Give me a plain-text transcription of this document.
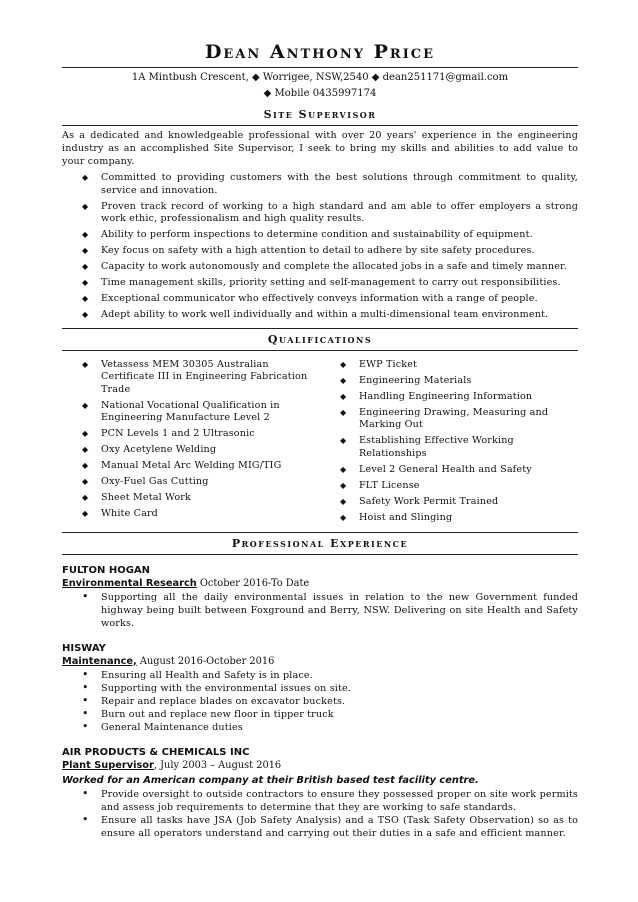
Dean Anthony Price
1A Mintbush Crescent, ◆ Worrigee, NSW,2540 ◆ dean251171@gmail.com
◆ Mobile 0435997174
Site Supervisor

As a dedicated and knowledgeable professional with over 20 years' experience in the engineering industry as an accomplished Site Supervisor, I seek to bring my skills and abilities to add value to your company.

◆ Committed to providing customers with the best solutions through commitment to quality, service and innovation.
◆ Proven track record of working to a high standard and am able to offer employers a strong work ethic, professionalism and high quality results.
◆ Ability to perform inspections to determine condition and sustainability of equipment.
◆ Key focus on safety with a high attention to detail to adhere by site safety procedures.
◆ Capacity to work autonomously and complete the allocated jobs in a safe and timely manner.
◆ Time management skills, priority setting and self-management to carry out responsibilities.
◆ Exceptional communicator who effectively conveys information with a range of people.
◆ Adept ability to work well individually and within a multi-dimensional team environment.
Qualifications
◆ Vetassess MEM 30305 Australian Certificate III in Engineering Fabrication Trade
◆ National Vocational Qualification in Engineering Manufacture Level 2
◆ PCN Levels 1 and 2 Ultrasonic
◆ Oxy Acetylene Welding
◆ Manual Metal Arc Welding MIG/TIG
◆ Oxy-Fuel Gas Cutting
◆ Sheet Metal Work
◆ White Card
◆ EWP Ticket
◆ Engineering Materials
◆ Handling Engineering Information
◆ Engineering Drawing, Measuring and Marking Out
◆ Establishing Effective Working Relationships
◆ Level 2 General Health and Safety
◆ FLT License
◆ Safety Work Permit Trained
◆ Hoist and Slinging
Professional Experience

FULTON HOGAN

Environmental Research October 2016-To Date

• Supporting all the daily environmental issues in relation to the new Government funded highway being built between Foxground and Berry, NSW. Delivering on site Health and Safety works.

HISWAY

Maintenance, August 2016-October 2016

• Ensuring all Health and Safety is in place.
• Supporting with the environmental issues on site.
• Repair and replace blades on excavator buckets.
• Burn out and replace new floor in tipper truck
• General Maintenance duties

AIR PRODUCTS & CHEMICALS INC

Plant Supervisor, July 2003 – August 2016

Worked for an American company at their British based test facility centre.

• Provide oversight to outside contractors to ensure they possessed proper on site work permits and assess job requirements to determine that they are working to safe standards.
• Ensure all tasks have JSA (Job Safety Analysis) and a TSO (Task Safety Observation) so as to ensure all operators understand and carrying out their duties in a safe and efficient manner.
